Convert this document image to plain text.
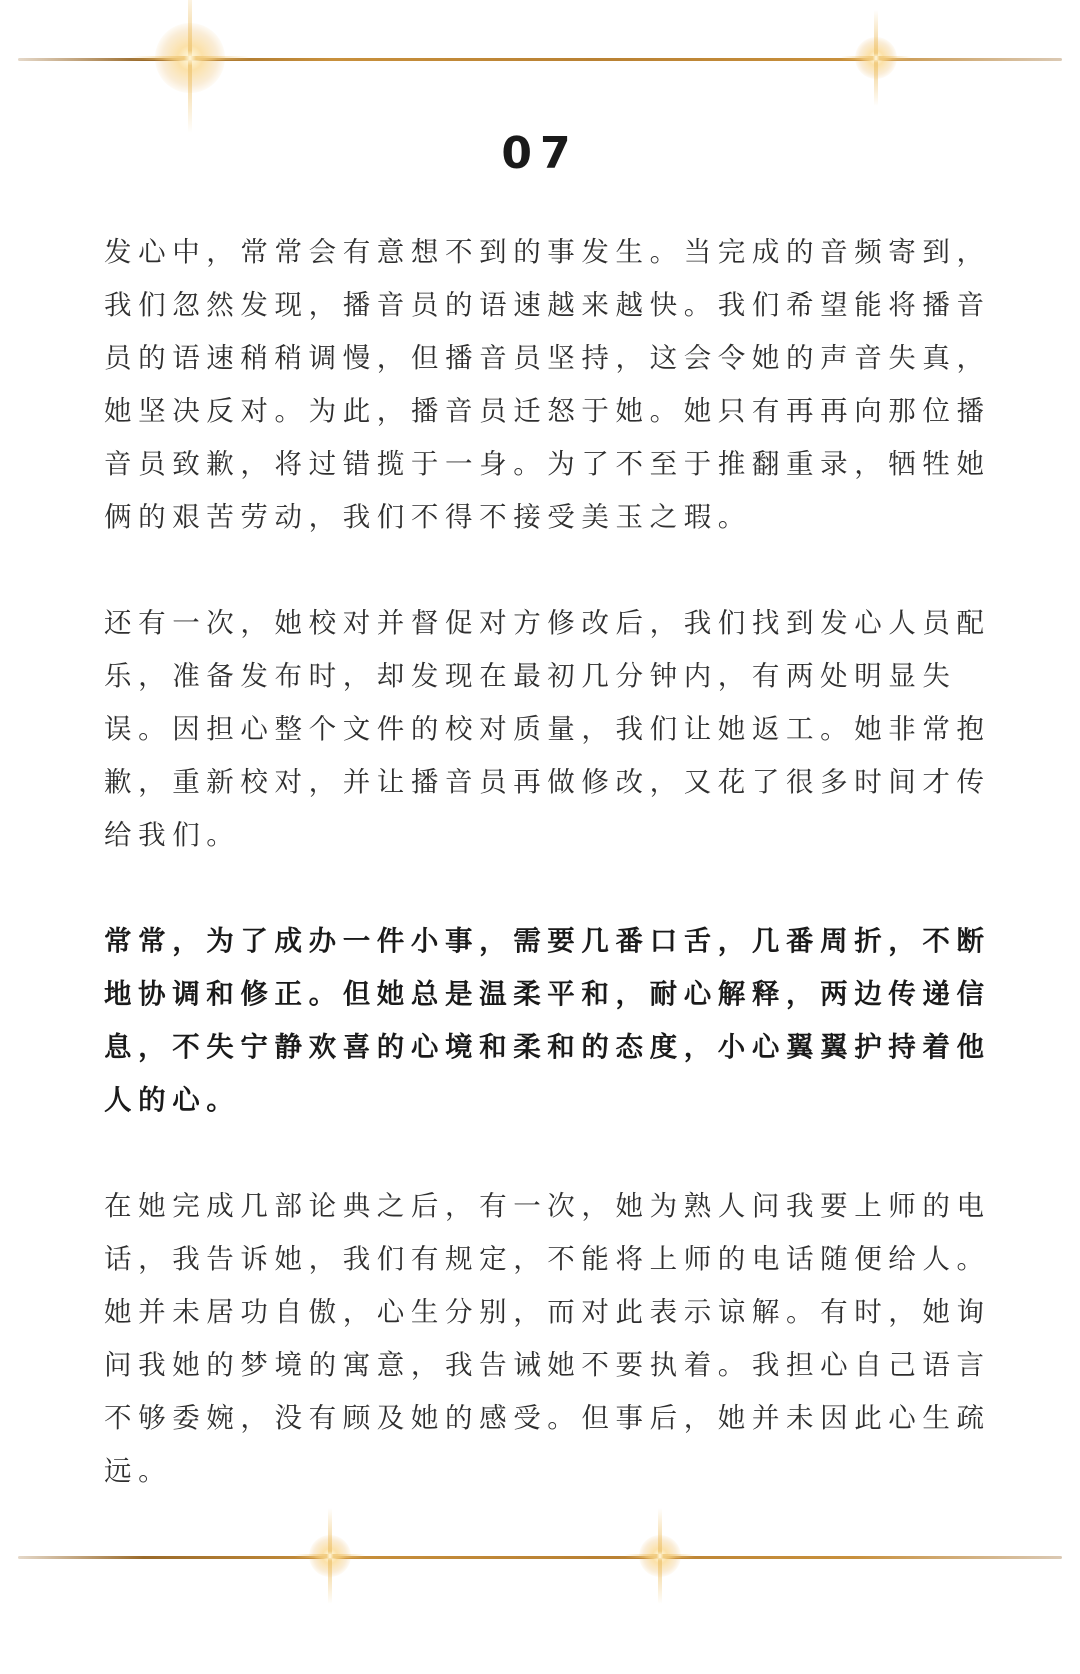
07

发心中，常常会有意想不到的事发生。当完成的音频寄到，我们忽然发现，播音员的语速越来越快。我们希望能将播音员的语速稍稍调慢，但播音员坚持，这会令她的声音失真，她坚决反对。为此，播音员迁怒于她。她只有再再向那位播音员致歉，将过错揽于一身。为了不至于推翻重录，牺牲她俩的艰苦劳动，我们不得不接受美玉之瑕。

还有一次，她校对并督促对方修改后，我们找到发心人员配乐，准备发布时，却发现在最初几分钟内，有两处明显失误。因担心整个文件的校对质量，我们让她返工。她非常抱歉，重新校对，并让播音员再做修改，又花了很多时间才传给我们。

常常，为了成办一件小事，需要几番口舌，几番周折，不断地协调和修正。但她总是温柔平和，耐心解释，两边传递信息，不失宁静欢喜的心境和柔和的态度，小心翼翼护持着他人的心。

在她完成几部论典之后，有一次，她为熟人问我要上师的电话，我告诉她，我们有规定，不能将上师的电话随便给人。她并未居功自傲，心生分别，而对此表示谅解。有时，她询问我她的梦境的寓意，我告诫她不要执着。我担心自己语言不够委婉，没有顾及她的感受。但事后，她并未因此心生疏远。
